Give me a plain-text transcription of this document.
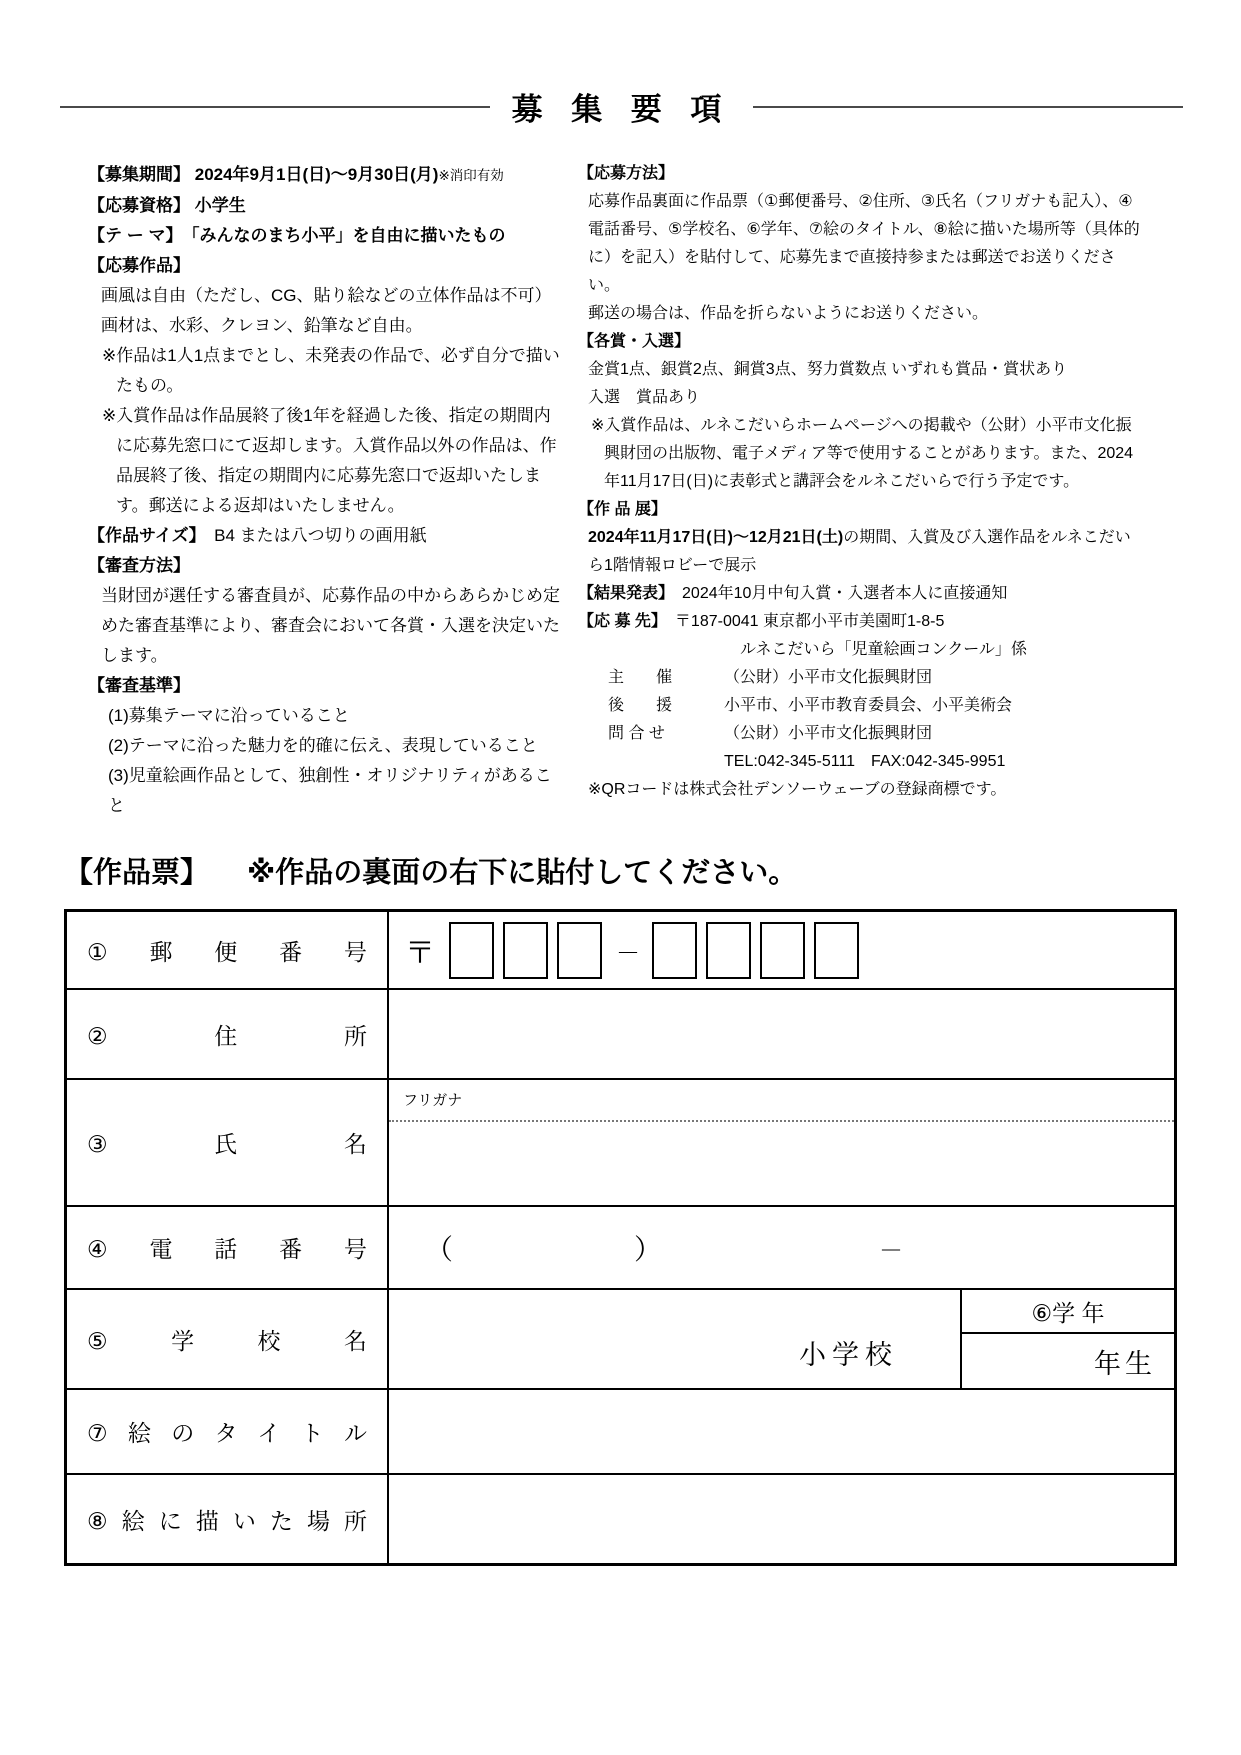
募 集 要 項

【募集期間】 2024年9月1日(日)～9月30日(月)※消印有効

【応募資格】 小学生

【テ ー マ】　 「みんなのまち小平」を自由に描いたもの

【応募作品】

画風は自由（ただし、CG、貼り絵などの立体作品は不可）

画材は、水彩、クレヨン、鉛筆など自由。

※作品は1人1点までとし、未発表の作品で、必ず自分で描いたもの。

※入賞作品は作品展終了後1年を経過した後、指定の期間内に応募先窓口にて返却します。入賞作品以外の作品は、作品展終了後、指定の期間内に応募先窓口で返却いたします。郵送による返却はいたしません。

【作品サイズ】　 B4 または八つ切りの画用紙

【審査方法】

当財団が選任する審査員が、応募作品の中からあらかじめ定めた審査基準により、審査会において各賞・入選を決定いたします。

【審査基準】

(1)募集テーマに沿っていること

(2)テーマに沿った魅力を的確に伝え、表現していること

(3)児童絵画作品として、独創性・オリジナリティがあること

【応募方法】

応募作品裏面に作品票（①郵便番号、②住所、③氏名（フリガナも記入）、④電話番号、⑤学校名、⑥学年、⑦絵のタイトル、⑧絵に描いた場所等（具体的に）を記入）を貼付して、応募先まで直接持参または郵送でお送りください。

郵送の場合は、作品を折らないようにお送りください。

【各賞・入選】

金賞1点、銀賞2点、銅賞3点、努力賞数点 いずれも賞品・賞状あり

入選　賞品あり

※入賞作品は、ルネこだいらホームページへの掲載や（公財）小平市文化振興財団の出版物、電子メディア等で使用することがあります。また、2024年11月17日(日)に表彰式と講評会をルネこだいらで行う予定です。

【作 品 展】

2024年11月17日(日)～12月21日(土)の期間、入賞及び入選作品をルネこだいら1階情報ロビーで展示

【結果発表】　 2024年10月中旬入賞・入選者本人に直接通知

【応 募 先】　 〒187-0041 東京都小平市美園町1-8-5

ルネこだいら「児童絵画コンクール」係

主　　催	（公財）小平市文化振興財団

後　　援	小平市、小平市教育委員会、小平美術会

問 合 せ	（公財）小平市文化振興財団

TEL:042-345-5111　FAX:042-345-9951

※QRコードは株式会社デンソーウェーブの登録商標です。

【作品票】 ※作品の裏面の右下に貼付してください。
①郵便番号 〒	－
②住所
③氏名
フリガナ
④電話番号 （	）	－
⑤学校名	小学校
⑥学 年
年生
⑦絵のタイトル
⑧絵に描いた場所
